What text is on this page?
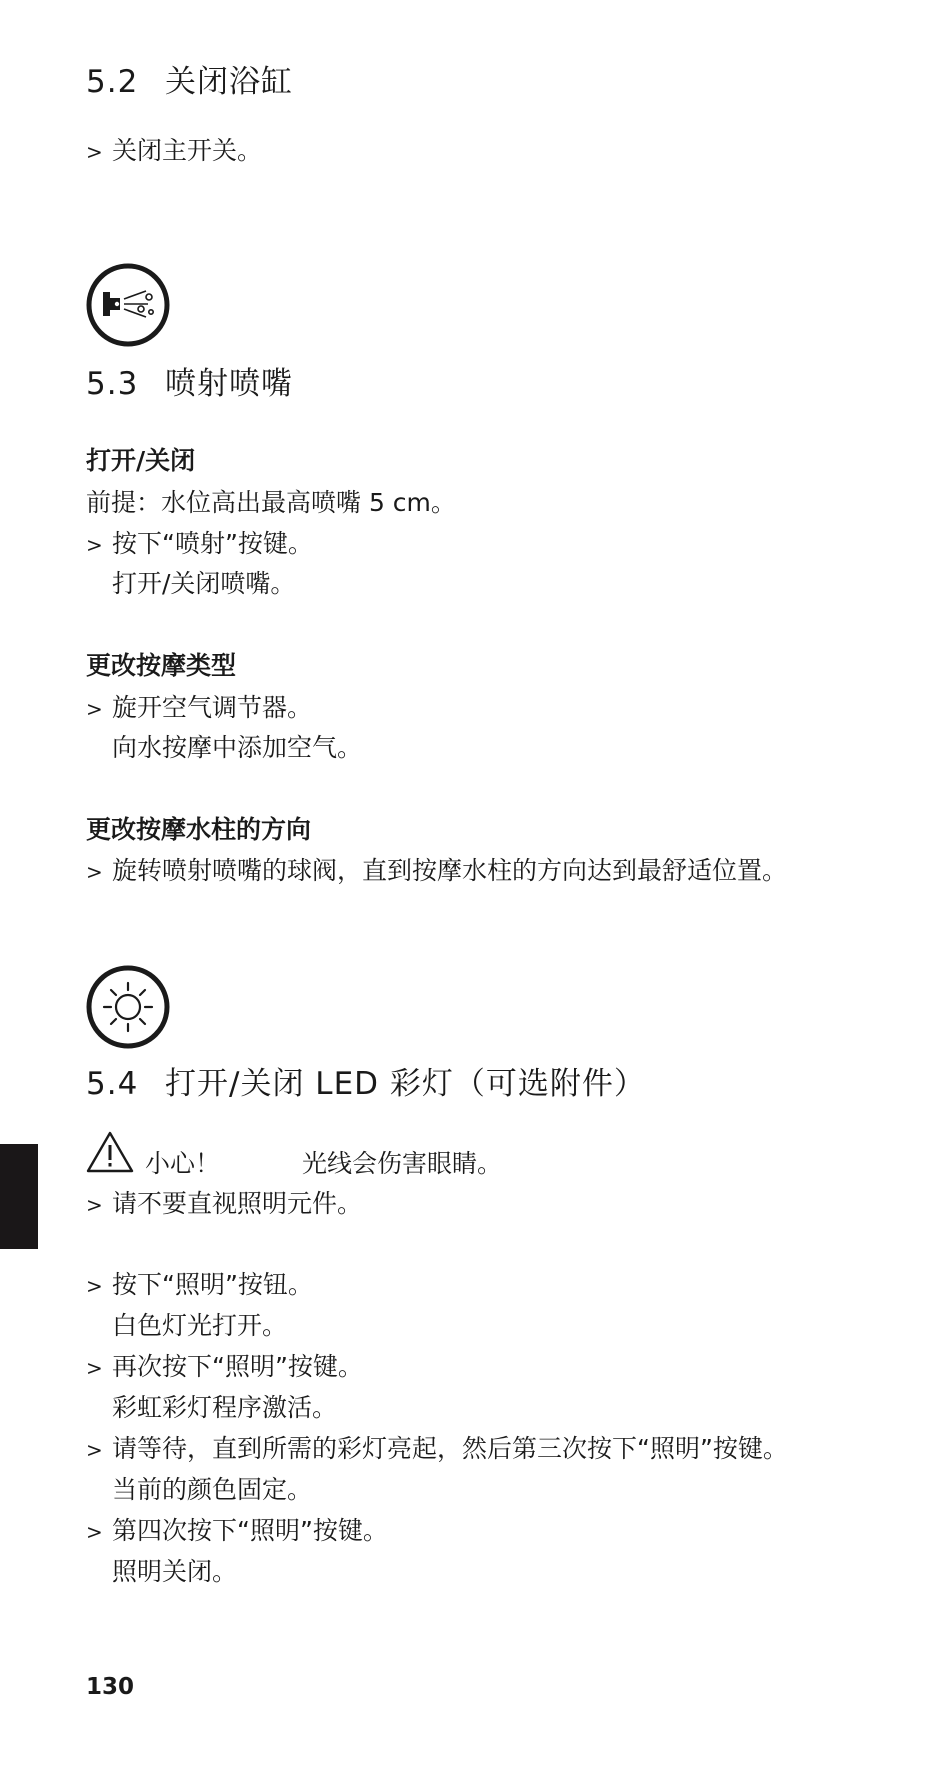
5.2 关闭浴缸
> 关闭主开关。
5.3 喷射喷嘴
打开/关闭
前提：水位高出最高喷嘴 5 cm。
> 按下“喷射”按键。
打开/关闭喷嘴。
更改按摩类型
> 旋开空气调节器。
向水按摩中添加空气。
更改按摩水柱的方向
> 旋转喷射喷嘴的球阀，直到按摩水柱的方向达到最舒适位置。
5.4 打开/关闭 LED 彩灯（可选附件）
小心！	光线会伤害眼睛。
> 请不要直视照明元件。
> 按下“照明”按钮。
白色灯光打开。
> 再次按下“照明”按键。
彩虹彩灯程序激活。
> 请等待，直到所需的彩灯亮起，然后第三次按下“照明”按键。
当前的颜色固定。
> 第四次按下“照明”按键。
照明关闭。
130
